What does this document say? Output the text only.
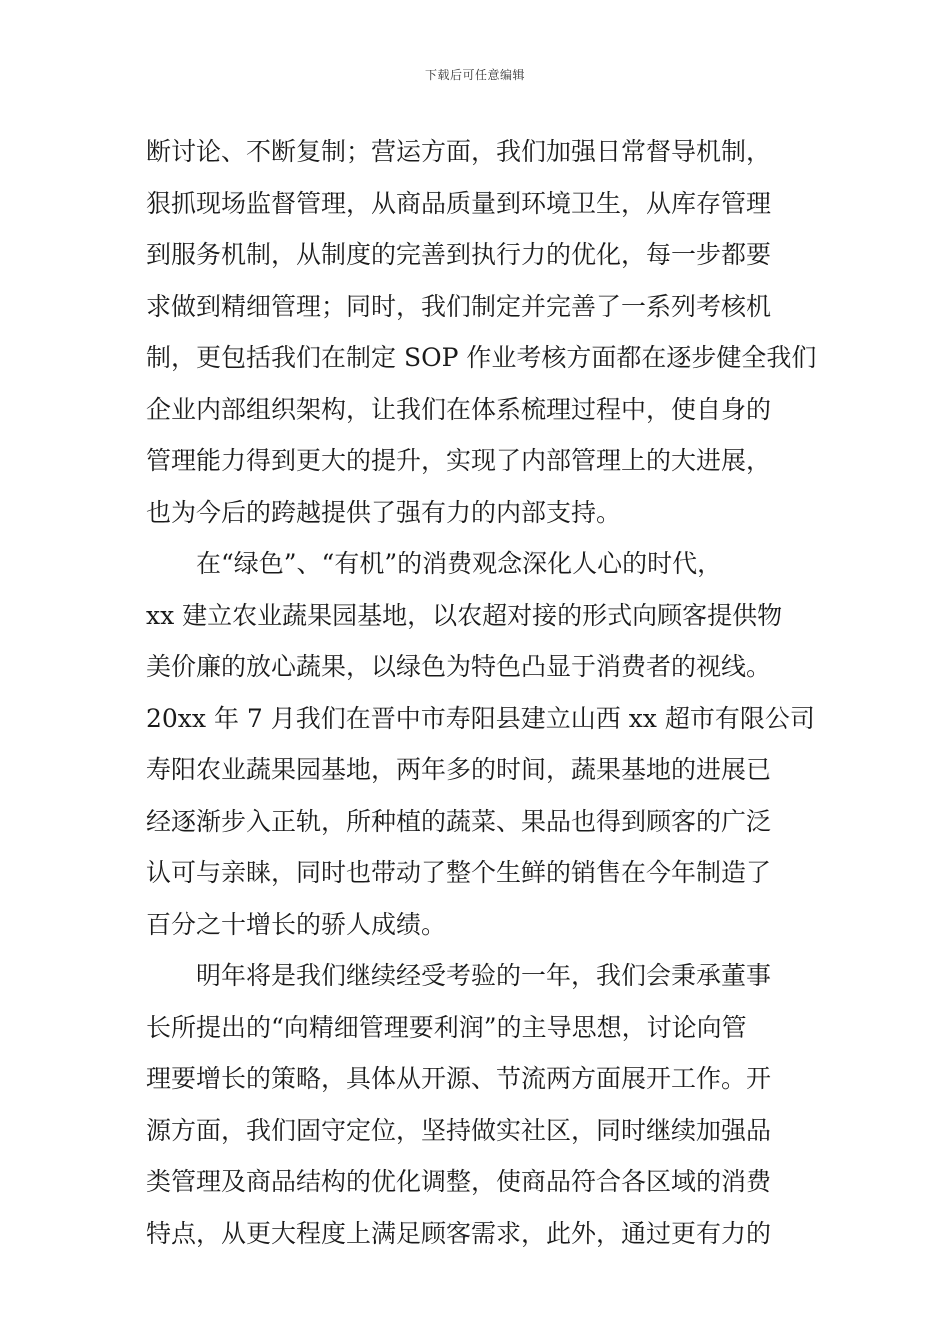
下载后可任意编辑
断讨论、不断复制；营运方面，我们加强日常督导机制，
狠抓现场监督管理，从商品质量到环境卫生，从库存管理
到服务机制，从制度的完善到执行力的优化，每一步都要
求做到精细管理；同时，我们制定并完善了一系列考核机
制，更包括我们在制定 SOP 作业考核方面都在逐步健全我们
企业内部组织架构，让我们在体系梳理过程中，使自身的
管理能力得到更大的提升，实现了内部管理上的大进展，
也为今后的跨越提供了强有力的内部支持。
　　在“绿色”、“有机”的消费观念深化人心的时代，
xx 建立农业蔬果园基地，以农超对接的形式向顾客提供物
美价廉的放心蔬果，以绿色为特色凸显于消费者的视线。
20xx 年 7 月我们在晋中市寿阳县建立山西 xx 超市有限公司
寿阳农业蔬果园基地，两年多的时间，蔬果基地的进展已
经逐渐步入正轨，所种植的蔬菜、果品也得到顾客的广泛
认可与亲睐，同时也带动了整个生鲜的销售在今年制造了
百分之十增长的骄人成绩。
　　明年将是我们继续经受考验的一年，我们会秉承董事
长所提出的“向精细管理要利润”的主导思想，讨论向管
理要增长的策略，具体从开源、节流两方面展开工作。开
源方面，我们固守定位，坚持做实社区，同时继续加强品
类管理及商品结构的优化调整，使商品符合各区域的消费
特点，从更大程度上满足顾客需求，此外，通过更有力的
